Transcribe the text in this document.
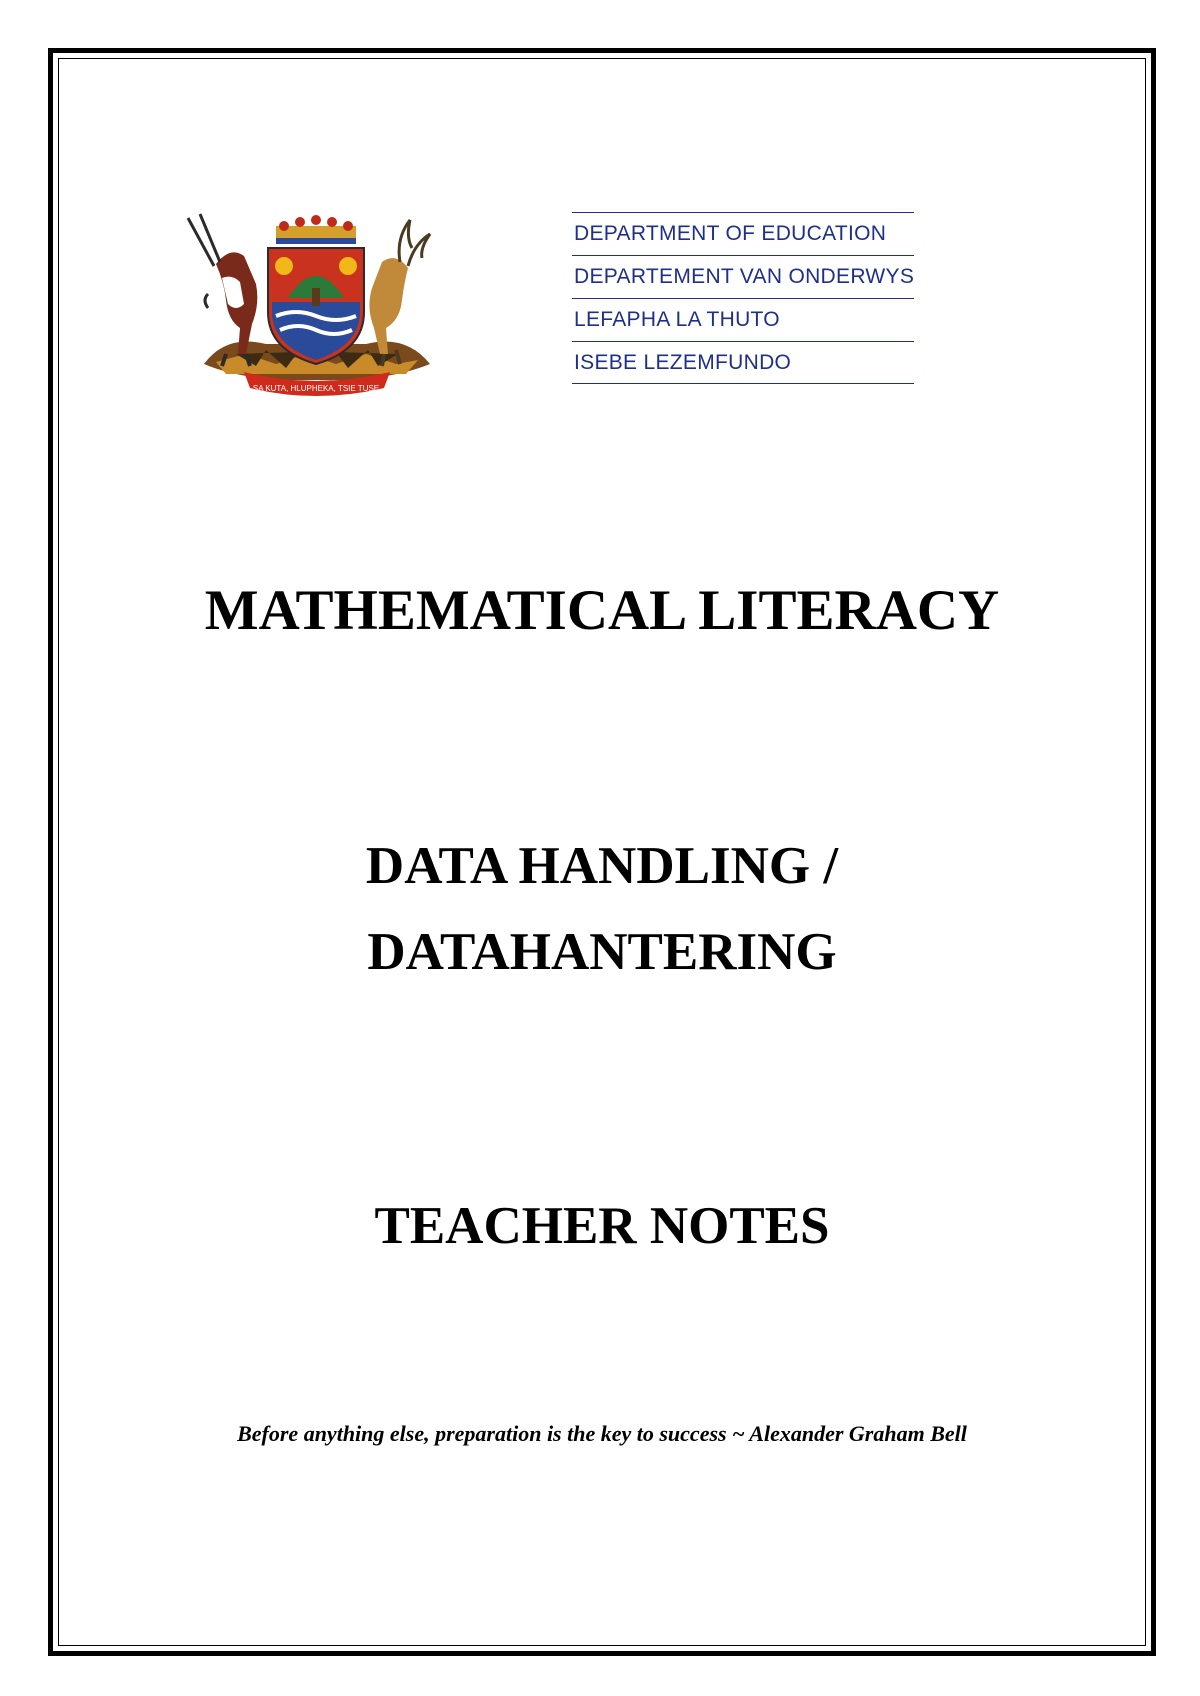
SA KUTA, HLUPHEKA, TSIE TUSE
DEPARTMENT OF EDUCATION
DEPARTEMENT VAN ONDERWYS
LEFAPHA LA THUTO
ISEBE LEZEMFUNDO
MATHEMATICAL LITERACY
DATA HANDLING /
DATAHANTERING
TEACHER NOTES
Before anything else, preparation is the key to success ~ Alexander Graham Bell
